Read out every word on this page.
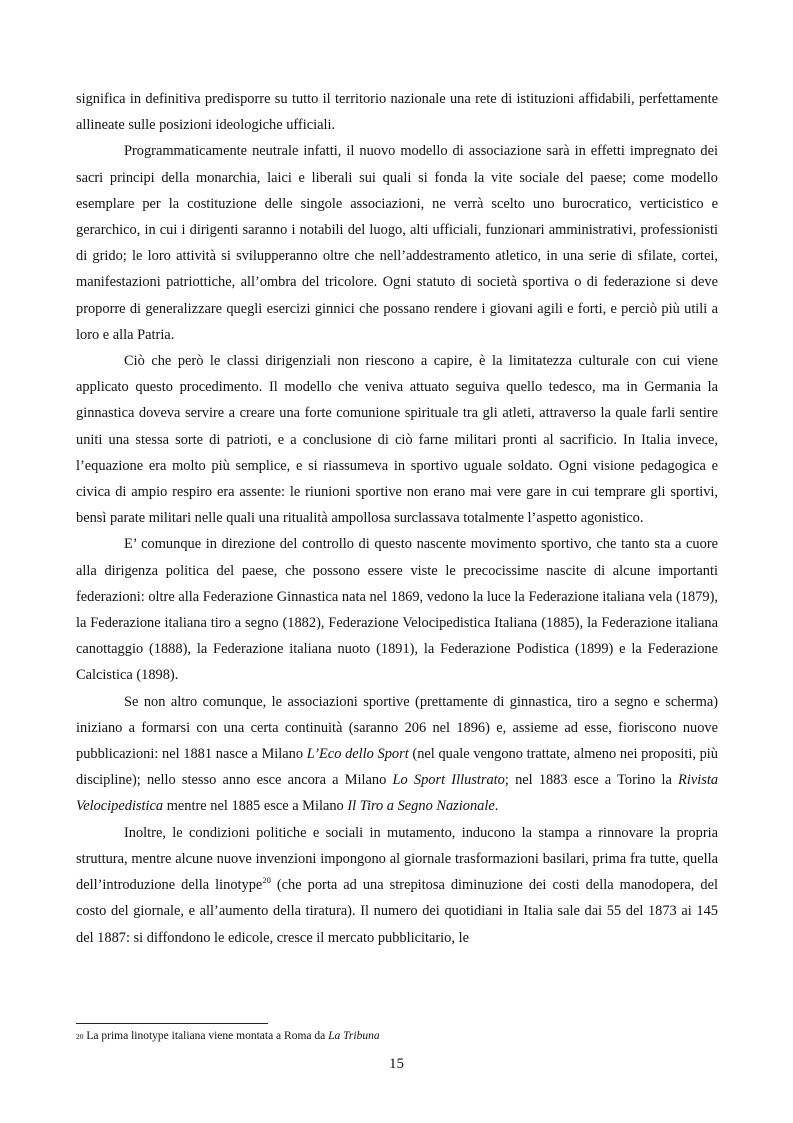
significa in definitiva predisporre su tutto il territorio nazionale una rete di istituzioni affidabili, perfettamente allineate sulle posizioni ideologiche ufficiali.

Programmaticamente neutrale infatti, il nuovo modello di associazione sarà in effetti impregnato dei sacri principi della monarchia, laici e liberali sui quali si fonda la vite sociale del paese; come modello esemplare per la costituzione delle singole associazioni, ne verrà scelto uno burocratico, verticistico e gerarchico, in cui i dirigenti saranno i notabili del luogo, alti ufficiali, funzionari amministrativi, professionisti di grido; le loro attività si svilupperanno oltre che nell’addestramento atletico, in una serie di sfilate, cortei, manifestazioni patriottiche, all’ombra del tricolore. Ogni statuto di società sportiva o di federazione si deve proporre di generalizzare quegli esercizi ginnici che possano rendere i giovani agili e forti, e perciò più utili a loro e alla Patria.

Ciò che però le classi dirigenziali non riescono a capire, è la limitatezza culturale con cui viene applicato questo procedimento. Il modello che veniva attuato seguiva quello tedesco, ma in Germania la ginnastica doveva servire a creare una forte comunione spirituale tra gli atleti, attraverso la quale farli sentire uniti una stessa sorte di patrioti, e a conclusione di ciò farne militari pronti al sacrificio. In Italia invece, l’equazione era molto più semplice, e si riassumeva in sportivo uguale soldato. Ogni visione pedagogica e civica di ampio respiro era assente: le riunioni sportive non erano mai vere gare in cui temprare gli sportivi, bensì parate militari nelle quali una ritualità ampollosa surclassava totalmente l’aspetto agonistico.

E’ comunque in direzione del controllo di questo nascente movimento sportivo, che tanto sta a cuore alla dirigenza politica del paese, che possono essere viste le precocissime nascite di alcune importanti federazioni: oltre alla Federazione Ginnastica nata nel 1869, vedono la luce la Federazione italiana vela (1879), la Federazione italiana tiro a segno (1882), Federazione Velocipedistica Italiana (1885), la Federazione italiana canottaggio (1888), la Federazione italiana nuoto (1891), la Federazione Podistica (1899) e la Federazione Calcistica (1898).

Se non altro comunque, le associazioni sportive (prettamente di ginnastica, tiro a segno e scherma) iniziano a formarsi con una certa continuità (saranno 206 nel 1896) e, assieme ad esse, fioriscono nuove pubblicazioni: nel 1881 nasce a Milano L’Eco dello Sport (nel quale vengono trattate, almeno nei propositi, più discipline); nello stesso anno esce ancora a Milano Lo Sport Illustrato; nel 1883 esce a Torino la Rivista Velocipedistica mentre nel 1885 esce a Milano Il Tiro a Segno Nazionale.

Inoltre, le condizioni politiche e sociali in mutamento, inducono la stampa a rinnovare la propria struttura, mentre alcune nuove invenzioni impongono al giornale trasformazioni basilari, prima fra tutte, quella dell’introduzione della linotype$^{20}$ (che porta ad una strepitosa diminuzione dei costi della manodopera, del costo del giornale, e all’aumento della tiratura). Il numero dei quotidiani in Italia sale dai 55 del 1873 ai 145 del 1887: si diffondono le edicole, cresce il mercato pubblicitario, le

$^{20}$ La prima linotype italiana viene montata a Roma da La Tribuna
15
